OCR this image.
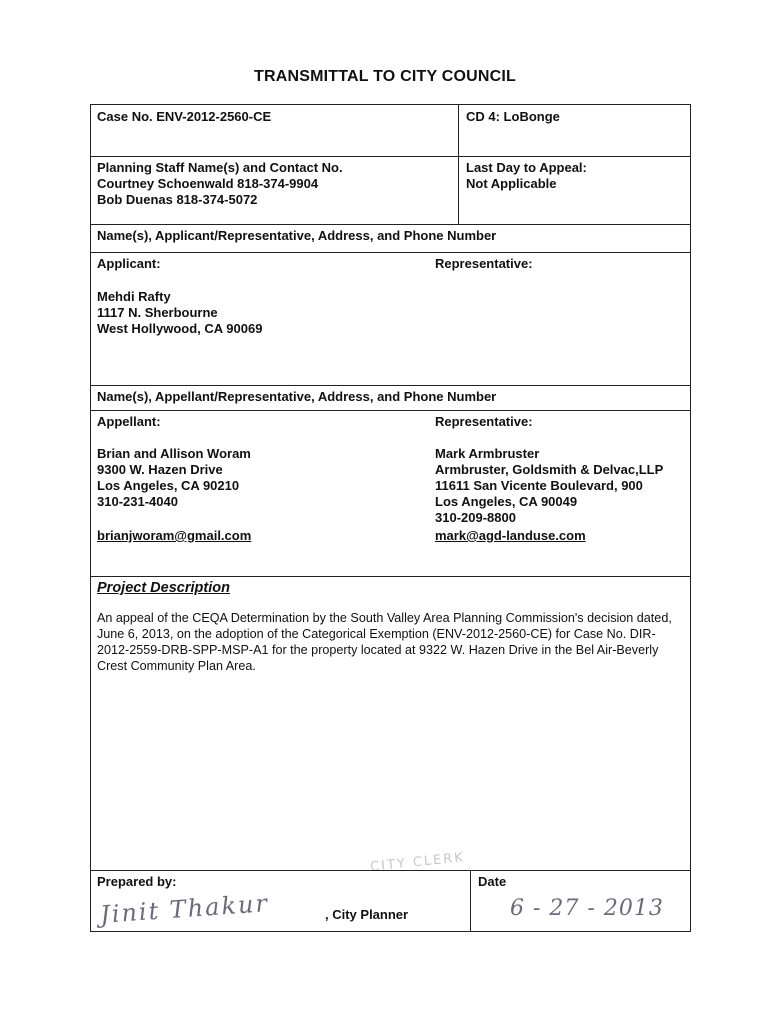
TRANSMITTAL TO CITY COUNCIL
Case No. ENV-2012-2560-CE	CD 4: LoBonge
Planning Staff Name(s) and Contact No.
Courtney Schoenwald 818-374-9904
Bob Duenas 818-374-5072
Last Day to Appeal:
Not Applicable
Name(s), Applicant/Representative, Address, and Phone Number
Applicant:	Representative:
Mehdi Rafty
1117 N. Sherbourne
West Hollywood, CA 90069
Name(s), Appellant/Representative, Address, and Phone Number
Appellant:	Representative:
Brian and Allison Woram
9300 W. Hazen Drive
Los Angeles, CA 90210
310-231-4040
brianjworam@gmail.com
Mark Armbruster
Armbruster, Goldsmith & Delvac,LLP
11611 San Vicente Boulevard, 900
Los Angeles, CA 90049
310-209-8800
mark@agd-landuse.com
Project Description
An appeal of the CEQA Determination by the South Valley Area Planning Commission's decision dated, June 6, 2013, on the adoption of the Categorical Exemption (ENV-2012-2560-CE) for Case No. DIR-2012-2559-DRB-SPP-MSP-A1 for the property located at 9322 W. Hazen Drive in the Bel Air-Beverly Crest Community Plan Area.
CITY CLERK
Prepared by:
Jinit Thakur	, City Planner
Date
6 - 27 - 2013
